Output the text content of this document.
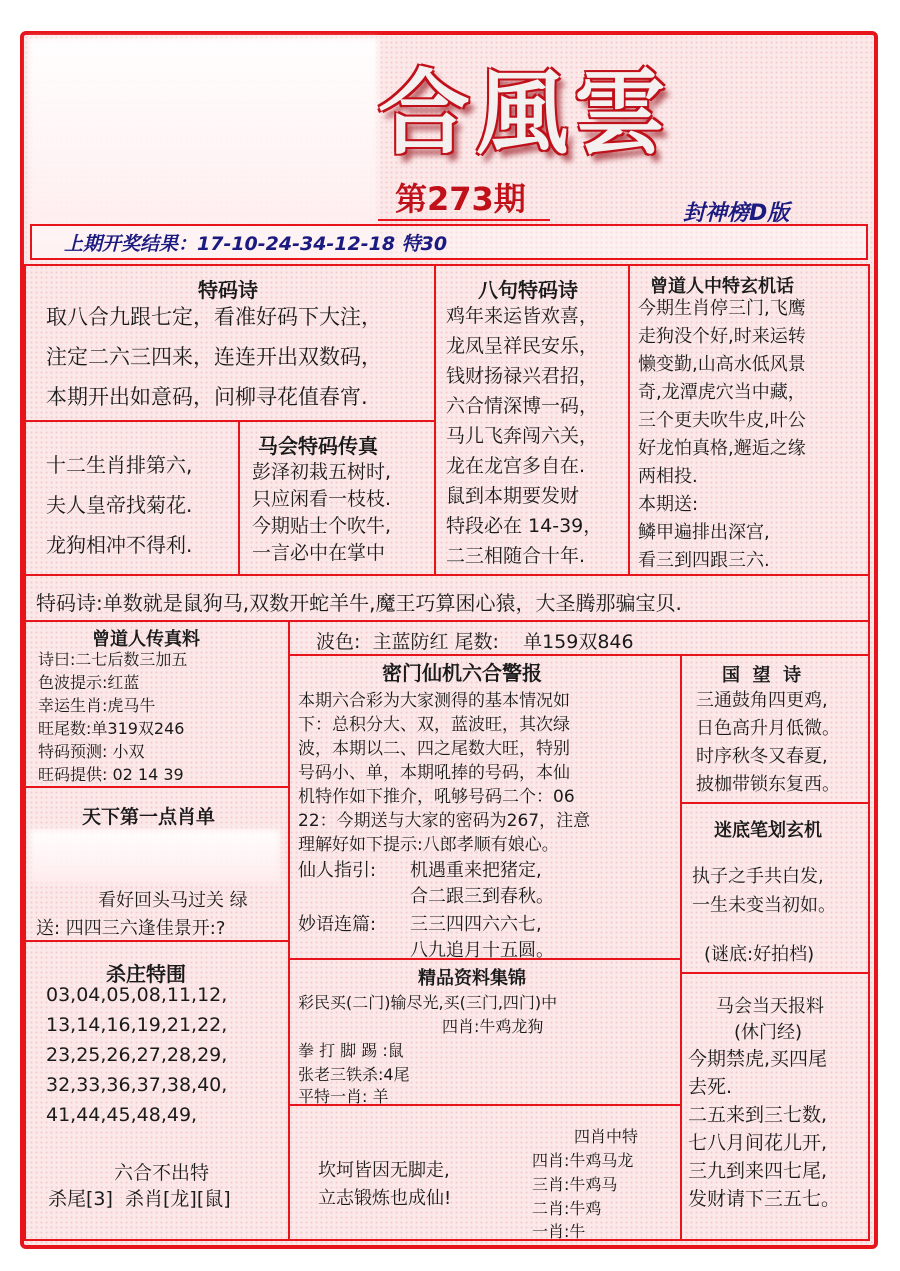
合風雲
第273期	封神榜D版
上期开奖结果：17-10-24-34-12-18 特30
特码诗
取八合九跟七定，看准好码下大注，
注定二六三四来，连连开出双数码，
本期开出如意码，问柳寻花值春宵.
八句特码诗
鸡年来运皆欢喜，
龙凤呈祥民安乐，
钱财扬禄兴君招，
六合情深博一码，
马儿飞奔闯六关，
龙在龙宫多自在.
鼠到本期要发财
特段必在 14-39，
二三相随合十年.
曾道人中特玄机话
今期生肖停三门,飞鹰
走狗没个好,时来运转
懒变勤,山高水低风景
奇,龙潭虎穴当中藏，
三个更夫吹牛皮,叶公
好龙怕真格,邂逅之缘
两相投.
本期送:
鳞甲遍排出深宫,
看三到四跟三六.
十二生肖排第六,
夫人皇帝找菊花.
龙狗相冲不得利.
马会特码传真
彭泽初栽五树时,
只应闲看一枝枝.
今期贴士个吹牛,
一言必中在掌中
特码诗:单数就是鼠狗马,双数开蛇羊牛,魔王巧算困心猿，大圣腾那骗宝贝.
曾道人传真料
诗曰:二七后数三加五
色波提示:红蓝
幸运生肖:虎马牛
旺尾数:单319双246
特码预测: 小双
旺码提供: 02 14 39
波色:  主蓝防红 尾数:    单159双846
密门仙机六合警报
本期六合彩为大家测得的基本情况如
下：总积分大、双，蓝波旺，其次绿
波，本期以二、四之尾数大旺，特别
号码小、单，本期吼捧的号码，本仙
机特作如下推介，吼够号码二个：06
22：今期送与大家的密码为267，注意
理解好如下提示:八郎孝顺有娘心。
仙人指引: 机遇重来把猪定,
合二跟三到春秋。
妙语连篇: 三三四四六六七,
八九追月十五圆。
国  望  诗
三通鼓角四更鸡,
日色高升月低微。
时序秋冬又春夏,
披枷带锁东复西。
天下第一点肖单
看好回头马过关 绿
送: 四四三六逢佳景开:?
迷底笔划玄机
执子之手共白发,
一生未变当初如。
(谜底:好拍档)
杀庄特围
03,04,05,08,11,12,
13,14,16,19,21,22,
23,25,26,27,28,29,
32,33,36,37,38,40,
41,44,45,48,49,
六合不出特
杀尾[3]  杀肖[龙][鼠]
精品资料集锦
彩民买(二门)输尽光,买(三门,四门)中
四肖:牛鸡龙狗
拳 打 脚 踢 :鼠
张老三铁杀:4尾
平特一肖: 羊
坎坷皆因无脚走,
立志锻炼也成仙!
四肖中特
四肖:牛鸡马龙
三肖:牛鸡马
二肖:牛鸡
一肖:牛
马会当天报料
(休门经)
今期禁虎,买四尾
去死.
二五来到三七数,
七八月间花儿开,
三九到来四七尾,
发财请下三五七。
